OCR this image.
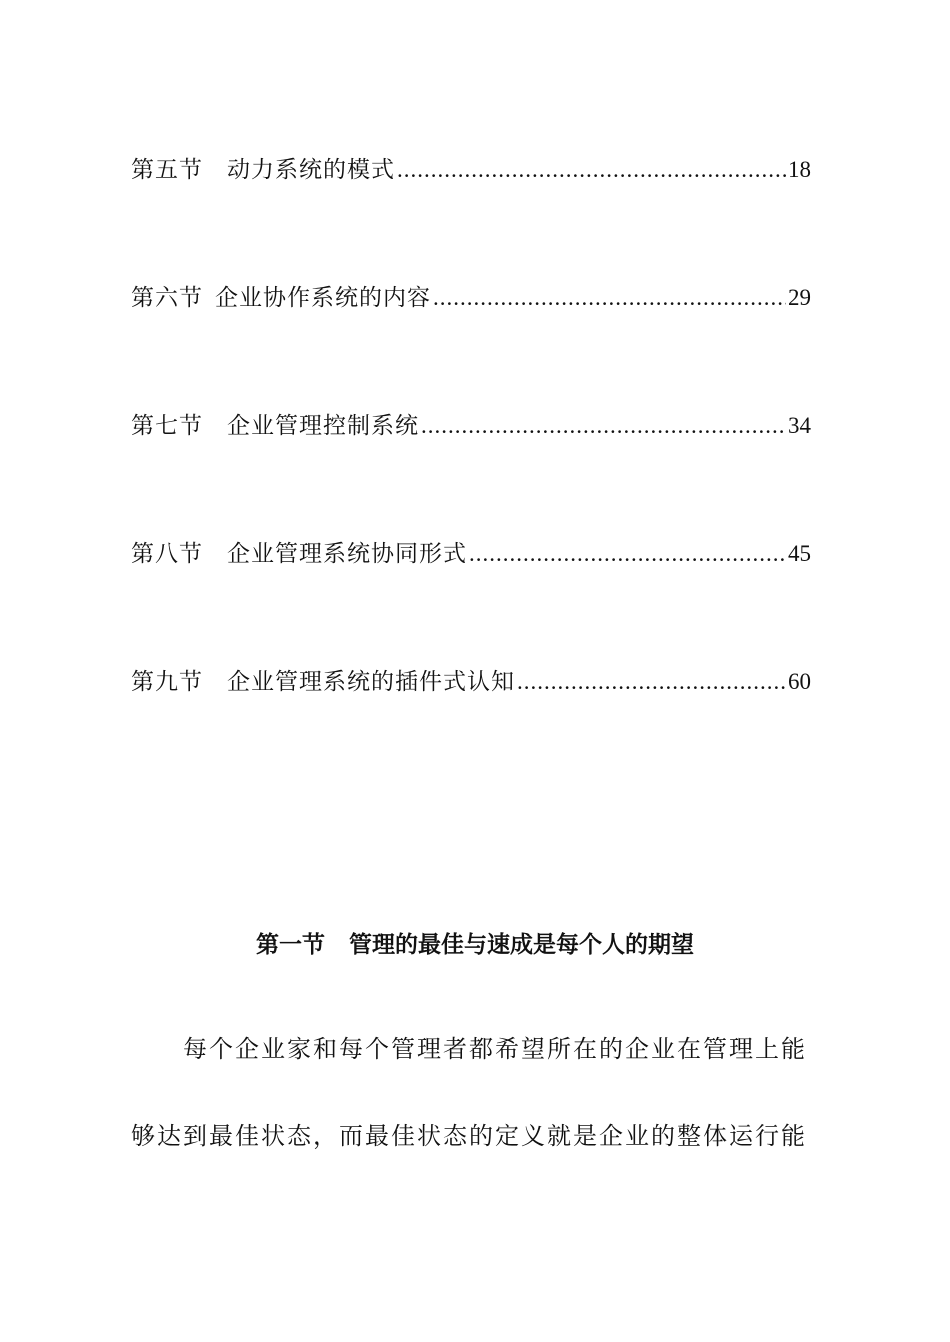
第五节 动力系统的模式 .....	18
第六节 企业协作系统的内容 .....	29
第七节 企业管理控制系统 .....	34
第八节 企业管理系统协同形式 .....	45
第九节 企业管理系统的插件式认知 .....	60
第一节 管理的最佳与速成是每个人的期望
每个企业家和每个管理者都希望所在的企业在管理上能
够达到最佳状态，而最佳状态的定义就是企业的整体运行能
